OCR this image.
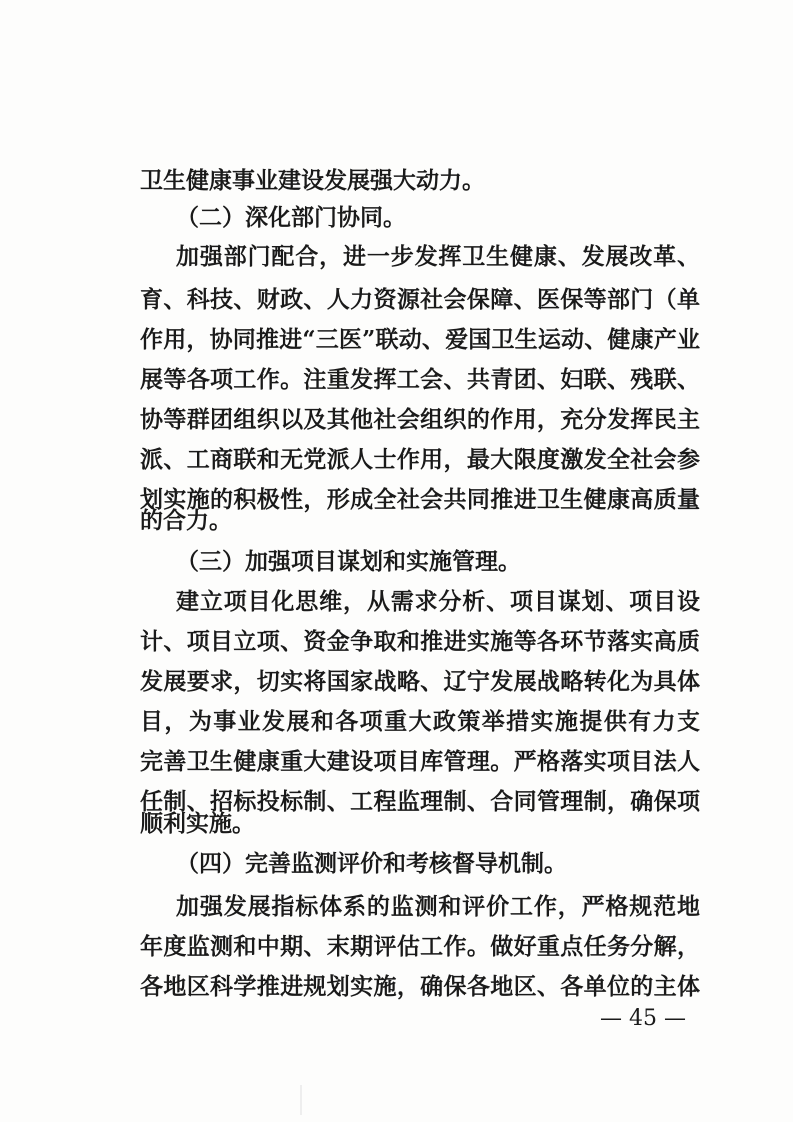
卫生健康事业建设发展强大动力。
（二）深化部门协同。
加强部门配合，进一步发挥卫生健康、发展改革、
育、科技、财政、人力资源社会保障、医保等部门（单
作用，协同推进“三医”联动、爱国卫生运动、健康产业
展等各项工作。注重发挥工会、共青团、妇联、残联、
协等群团组织以及其他社会组织的作用，充分发挥民主
派、工商联和无党派人士作用，最大限度激发全社会参
划实施的积极性，形成全社会共同推进卫生健康高质量
的合力。
（三）加强项目谋划和实施管理。
建立项目化思维，从需求分析、项目谋划、项目设
计、项目立项、资金争取和推进实施等各环节落实高质
发展要求，切实将国家战略、辽宁发展战略转化为具体
目，为事业发展和各项重大政策举措实施提供有力支
完善卫生健康重大建设项目库管理。严格落实项目法人
任制、招标投标制、工程监理制、合同管理制，确保项
顺利实施。
（四）完善监测评价和考核督导机制。
加强发展指标体系的监测和评价工作，严格规范地
年度监测和中期、末期评估工作。做好重点任务分解，
各地区科学推进规划实施，确保各地区、各单位的主体
— 45 —
